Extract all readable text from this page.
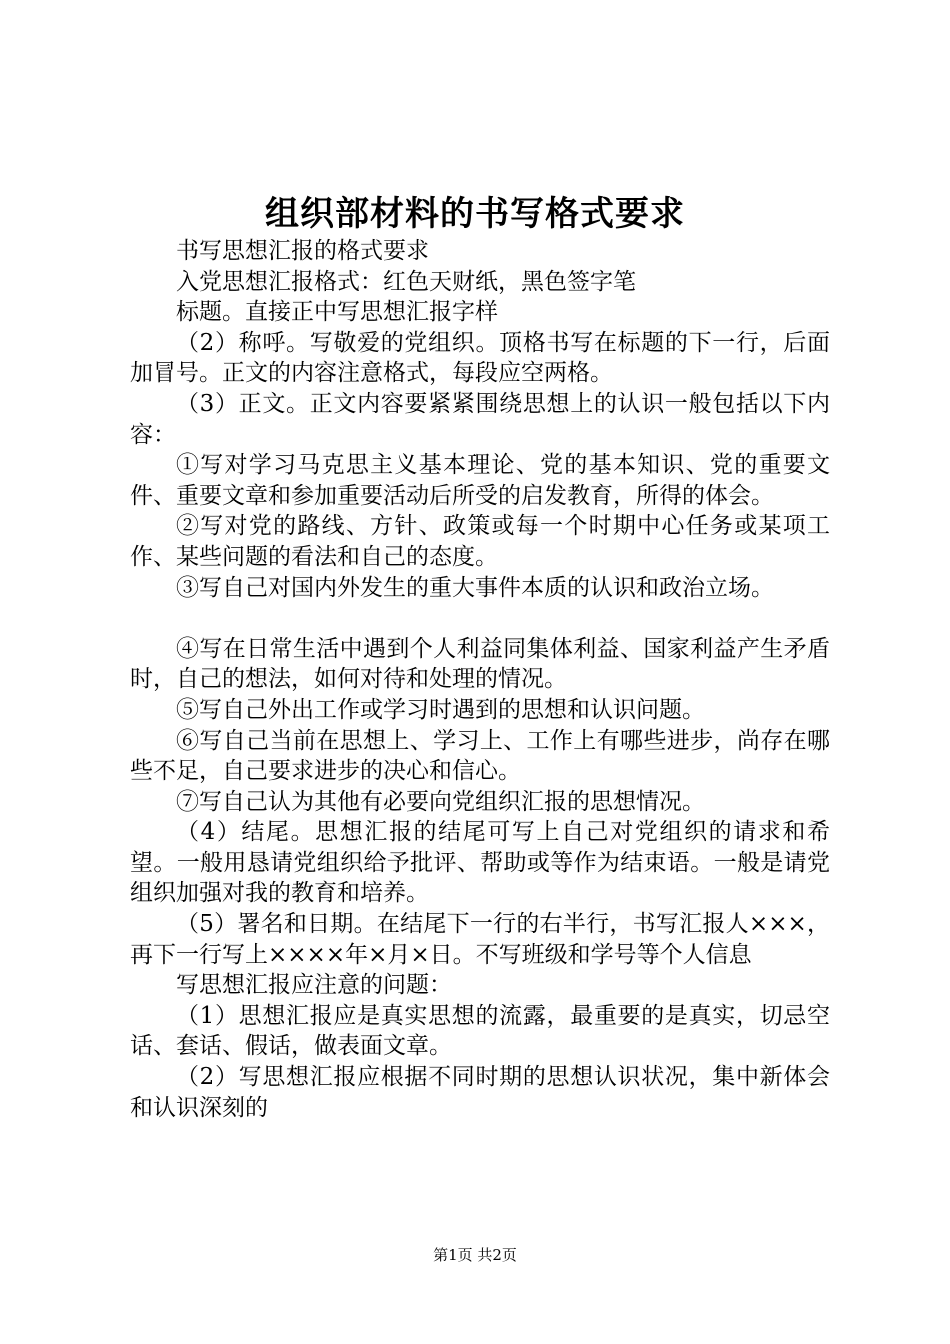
组织部材料的书写格式要求

书写思想汇报的格式要求

入党思想汇报格式：红色天财纸，黑色签字笔

标题。直接正中写思想汇报字样

（2）称呼。写敬爱的党组织。顶格书写在标题的下一行，后面加冒号。正文的内容注意格式，每段应空两格。

（3）正文。正文内容要紧紧围绕思想上的认识一般包括以下内容：

①写对学习马克思主义基本理论、党的基本知识、党的重要文件、重要文章和参加重要活动后所受的启发教育，所得的体会。

②写对党的路线、方针、政策或每一个时期中心任务或某项工作、某些问题的看法和自己的态度。

③写自己对国内外发生的重大事件本质的认识和政治立场。

④写在日常生活中遇到个人利益同集体利益、国家利益产生矛盾时，自己的想法，如何对待和处理的情况。

⑤写自己外出工作或学习时遇到的思想和认识问题。

⑥写自己当前在思想上、学习上、工作上有哪些进步，尚存在哪些不足，自己要求进步的决心和信心。

⑦写自己认为其他有必要向党组织汇报的思想情况。

（4）结尾。思想汇报的结尾可写上自己对党组织的请求和希望。一般用恳请党组织给予批评、帮助或等作为结束语。一般是请党组织加强对我的教育和培养。

（5）署名和日期。在结尾下一行的右半行，书写汇报人×××，再下一行写上××××年×月×日。不写班级和学号等个人信息

写思想汇报应注意的问题：

（1）思想汇报应是真实思想的流露，最重要的是真实，切忌空话、套话、假话，做表面文章。

（2）写思想汇报应根据不同时期的思想认识状况，集中新体会和认识深刻的

第1页 共2页
